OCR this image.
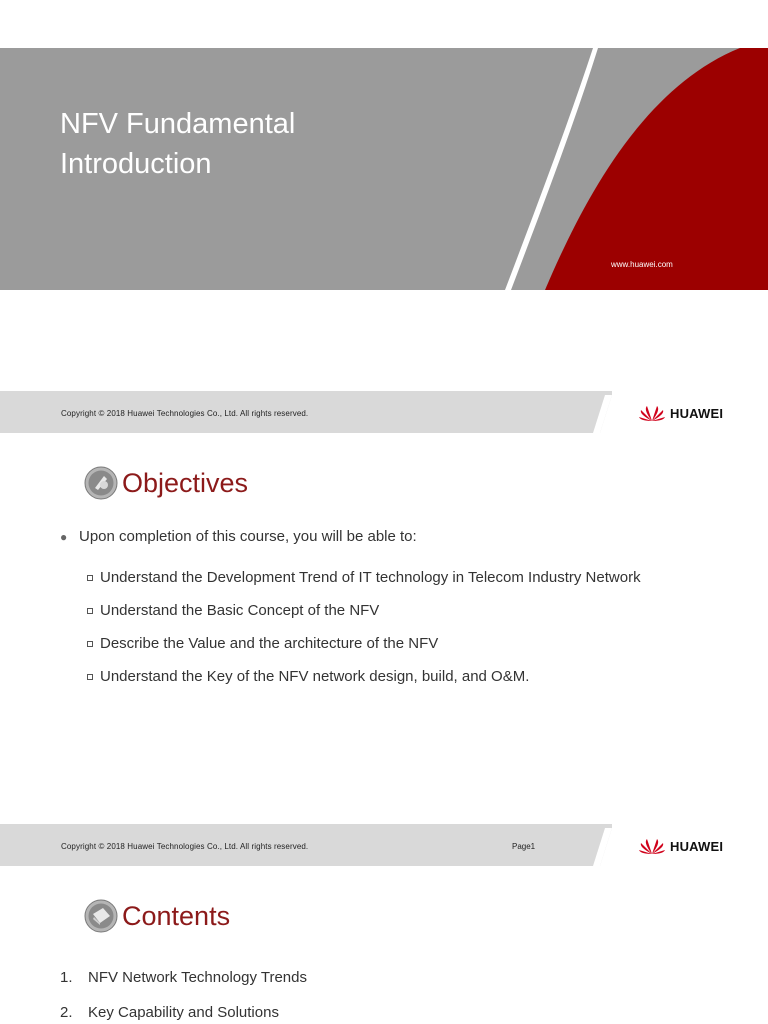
NFV Fundamental
Introduction
www.huawei.com
Copyright © 2018 Huawei Technologies Co., Ltd. All rights reserved.	HUAWEI
Objectives
● Upon completion of this course, you will be able to:
Understand the Development Trend of IT technology in Telecom Industry Network
Understand the Basic Concept of the NFV
Describe the Value and the architecture of the NFV
Understand the Key of the NFV network design, build, and O&M.
Copyright © 2018 Huawei Technologies Co., Ltd. All rights reserved.	Page1	HUAWEI
Contents
1.	NFV Network Technology Trends
2.	Key Capability and Solutions
